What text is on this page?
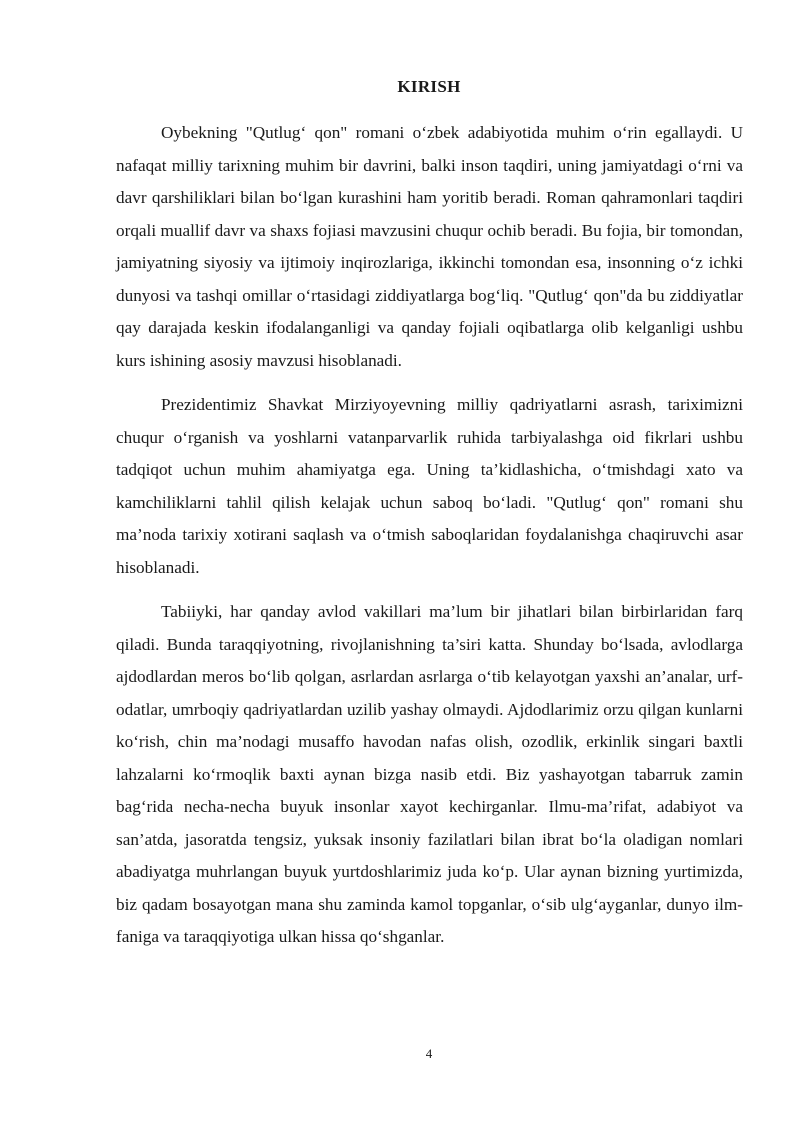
KIRISH

Oybekning "Qutlug‘ qon" romani o‘zbek adabiyotida muhim o‘rin egallaydi. U nafaqat milliy tarixning muhim bir davrini, balki inson taqdiri, uning jamiyatdagi o‘rni va davr qarshiliklari bilan bo‘lgan kurashini ham yoritib beradi. Roman qahramonlari taqdiri orqali muallif davr va shaxs fojiasi mavzusini chuqur ochib beradi. Bu fojia, bir tomondan, jamiyatning siyosiy va ijtimoiy inqirozlariga, ikkinchi tomondan esa, insonning o‘z ichki dunyosi va tashqi omillar o‘rtasidagi ziddiyatlarga bog‘liq. "Qutlug‘ qon"da bu ziddiyatlar qay darajada keskin ifodalanganligi va qanday fojiali oqibatlarga olib kelganligi ushbu kurs ishining asosiy mavzusi hisoblanadi.

Prezidentimiz Shavkat Mirziyoyevning milliy qadriyatlarni asrash, tariximizni chuqur o‘rganish va yoshlarni vatanparvarlik ruhida tarbiyalashga oid fikrlari ushbu tadqiqot uchun muhim ahamiyatga ega. Uning ta’kidlashicha, o‘tmishdagi xato va kamchiliklarni tahlil qilish kelajak uchun saboq bo‘ladi. "Qutlug‘ qon" romani shu ma’noda tarixiy xotirani saqlash va o‘tmish saboqlaridan foydalanishga chaqiruvchi asar hisoblanadi.

Tabiiyki, har qanday avlod vakillari ma’lum bir jihatlari bilan birbirlaridan farq qiladi. Bunda taraqqiyotning, rivojlanishning ta’siri katta. Shunday bo‘lsada, avlodlarga ajdodlardan meros bo‘lib qolgan, asrlardan asrlarga o‘tib kelayotgan yaxshi an’analar, urf-odatlar, umrboqiy qadriyatlardan uzilib yashay olmaydi. Ajdodlarimiz orzu qilgan kunlarni ko‘rish, chin ma’nodagi musaffo havodan nafas olish, ozodlik, erkinlik singari baxtli lahzalarni ko‘rmoqlik baxti aynan bizga nasib etdi. Biz yashayotgan tabarruk zamin bag‘rida necha-necha buyuk insonlar xayot kechirganlar. Ilmu-ma’rifat, adabiyot va san’atda, jasoratda tengsiz, yuksak insoniy fazilatlari bilan ibrat bo‘la oladigan nomlari abadiyatga muhrlangan buyuk yurtdoshlarimiz juda ko‘p. Ular aynan bizning yurtimizda, biz qadam bosayotgan mana shu zaminda kamol topganlar, o‘sib ulg‘ayganlar, dunyo ilm-faniga va taraqqiyotiga ulkan hissa qo‘shganlar.

4
